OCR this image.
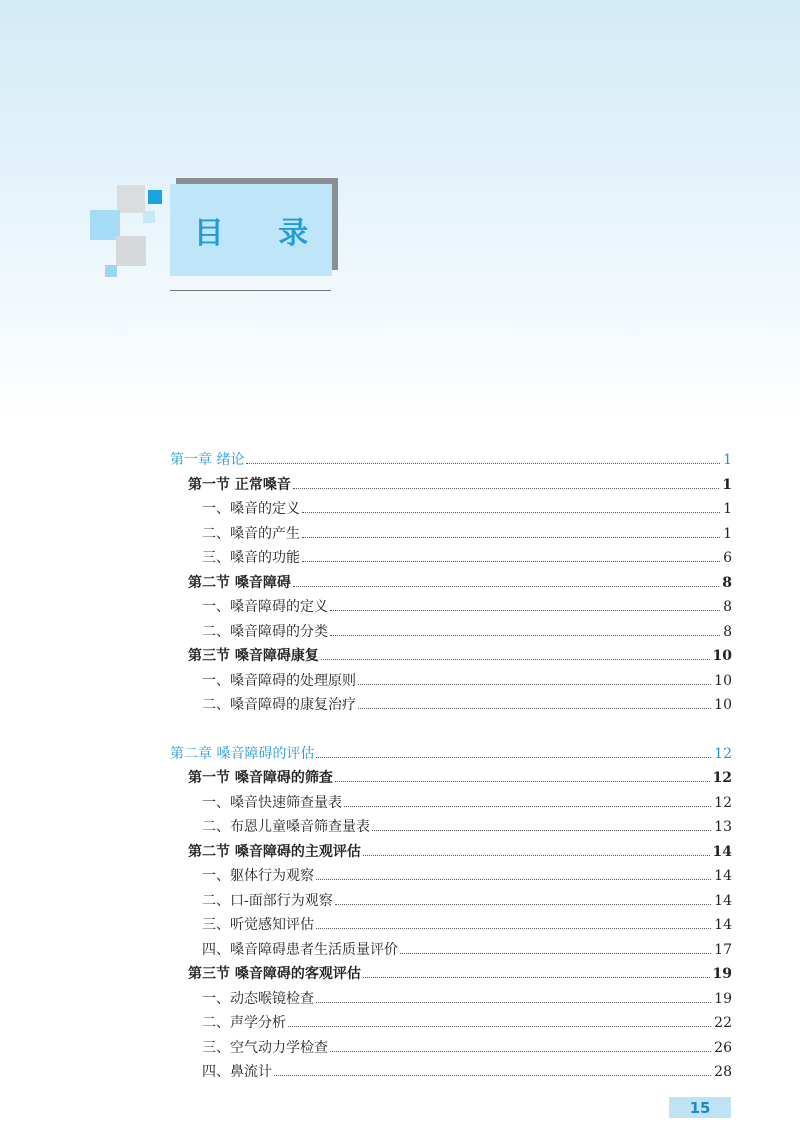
目 录
第一章 绪论	1
第一节 正常嗓音	1
一、嗓音的定义	1
二、嗓音的产生	1
三、嗓音的功能	6
第二节 嗓音障碍	8
一、嗓音障碍的定义	8
二、嗓音障碍的分类	8
第三节 嗓音障碍康复	10
一、嗓音障碍的处理原则	10
二、嗓音障碍的康复治疗	10
第二章 嗓音障碍的评估	12
第一节 嗓音障碍的筛查	12
一、嗓音快速筛查量表	12
二、布恩儿童嗓音筛查量表	13
第二节 嗓音障碍的主观评估	14
一、躯体行为观察	14
二、口-面部行为观察	14
三、听觉感知评估	14
四、嗓音障碍患者生活质量评价	17
第三节 嗓音障碍的客观评估	19
一、动态喉镜检查	19
二、声学分析	22
三、空气动力学检查	26
四、鼻流计	28
15
